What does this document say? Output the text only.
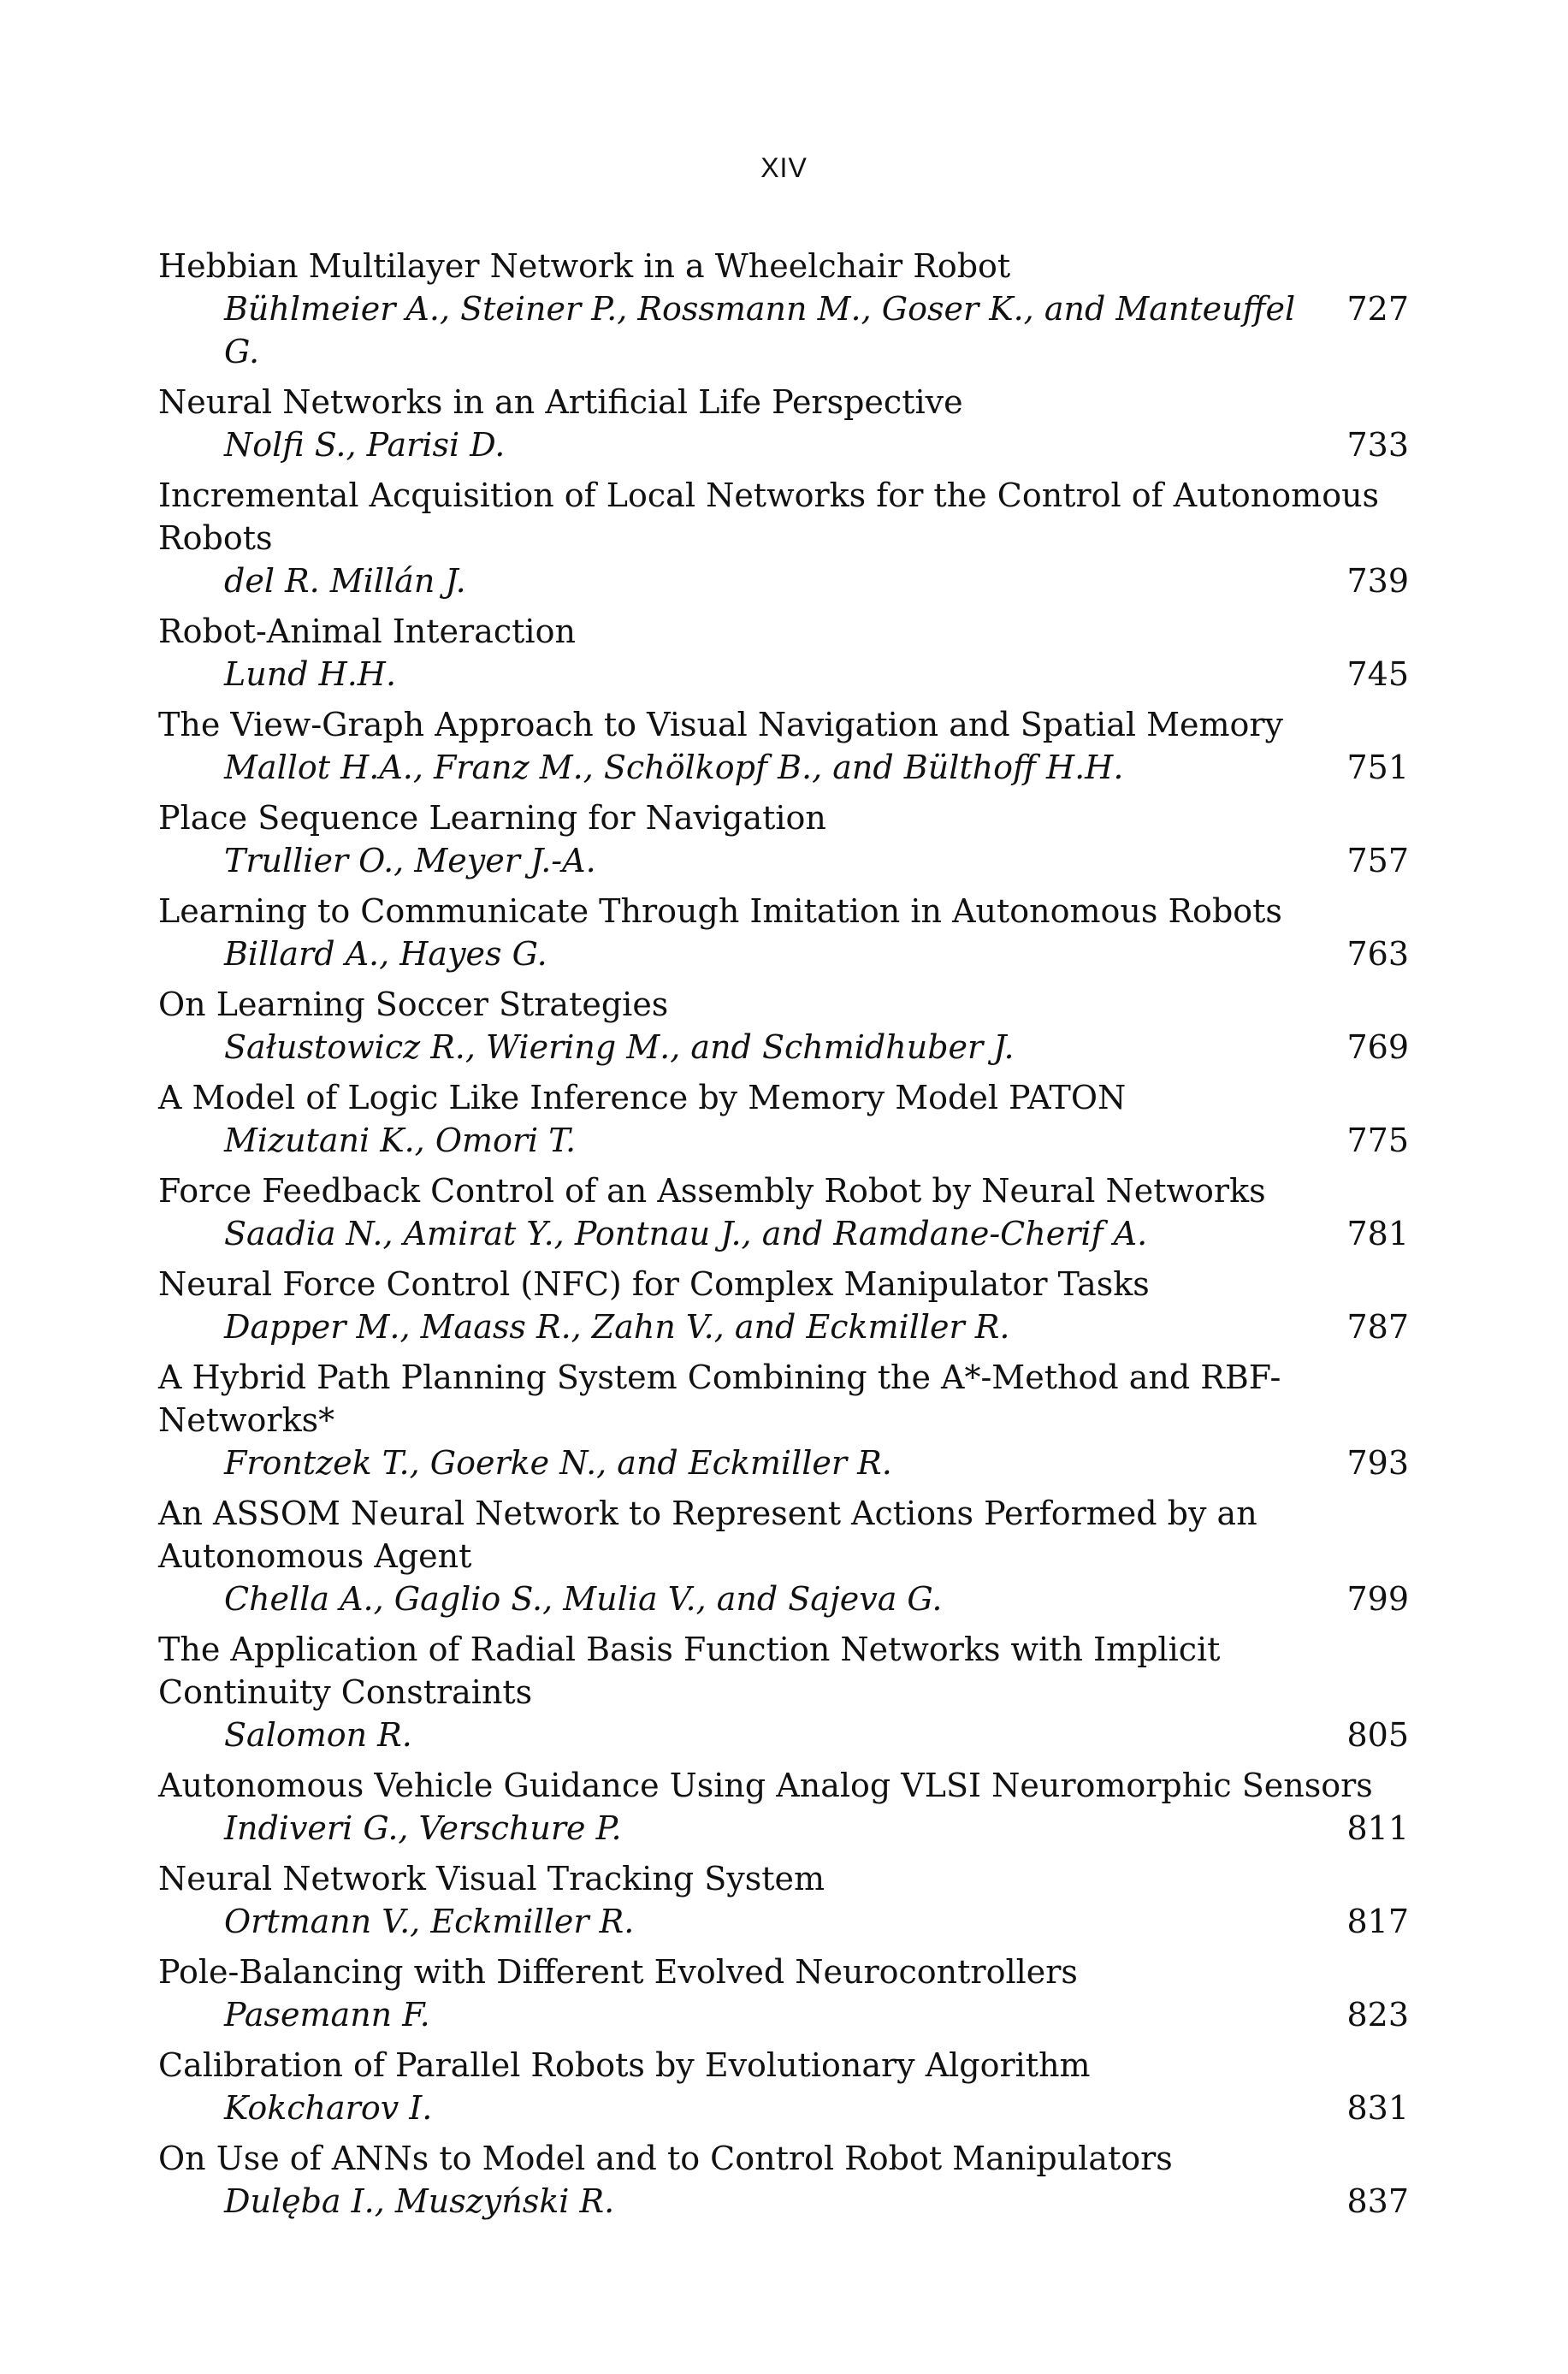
XIV
Hebbian Multilayer Network in a Wheelchair Robot
Bühlmeier A., Steiner P., Rossmann M., Goser K., and Manteuffel G.
727
Neural Networks in an Artificial Life Perspective
Nolfi S., Parisi D.	733
Incremental Acquisition of Local Networks for the Control of Autonomous Robots
del R. Millán J.	739
Robot-Animal Interaction
Lund H.H.	745
The View-Graph Approach to Visual Navigation and Spatial Memory
Mallot H.A., Franz M., Schölkopf B., and Bülthoff H.H.	751
Place Sequence Learning for Navigation
Trullier O., Meyer J.-A.	757
Learning to Communicate Through Imitation in Autonomous Robots
Billard A., Hayes G.	763
On Learning Soccer Strategies
Sałustowicz R., Wiering M., and Schmidhuber J.	769
A Model of Logic Like Inference by Memory Model PATON
Mizutani K., Omori T.	775
Force Feedback Control of an Assembly Robot by Neural Networks
Saadia N., Amirat Y., Pontnau J., and Ramdane-Cherif A.	781
Neural Force Control (NFC) for Complex Manipulator Tasks
Dapper M., Maass R., Zahn V., and Eckmiller R.	787
A Hybrid Path Planning System Combining the A*-Method and RBF-Networks*
Frontzek T., Goerke N., and Eckmiller R.	793
An ASSOM Neural Network to Represent Actions Performed by an
Autonomous Agent
Chella A., Gaglio S., Mulia V., and Sajeva G.	799
The Application of Radial Basis Function Networks with Implicit
Continuity Constraints
Salomon R.	805
Autonomous Vehicle Guidance Using Analog VLSI Neuromorphic Sensors
Indiveri G., Verschure P.	811
Neural Network Visual Tracking System
Ortmann V., Eckmiller R.	817
Pole-Balancing with Different Evolved Neurocontrollers
Pasemann F.	823
Calibration of Parallel Robots by Evolutionary Algorithm
Kokcharov I.	831
On Use of ANNs to Model and to Control Robot Manipulators
Dulęba I., Muszyński R.	837
